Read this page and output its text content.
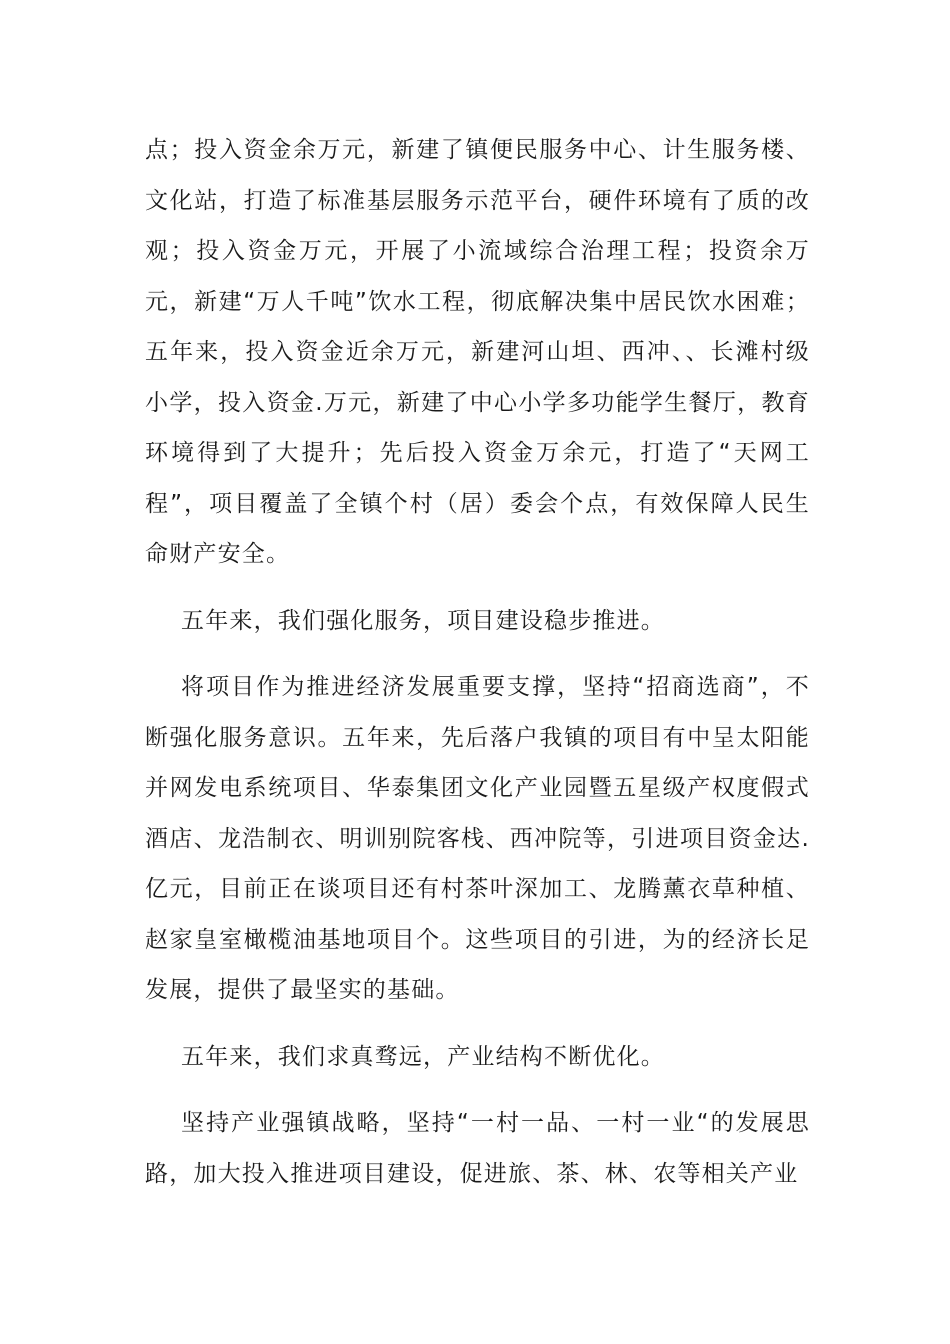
点；投入资金余万元，新建了镇便民服务中心、计生服务楼、文化站，打造了标准基层服务示范平台，硬件环境有了质的改观；投入资金万元，开展了小流域综合治理工程；投资余万元，新建“万人千吨”饮水工程，彻底解决集中居民饮水困难；五年来，投入资金近余万元，新建河山坦、西冲、、长滩村级小学，投入资金.万元，新建了中心小学多功能学生餐厅，教育环境得到了大提升；先后投入资金万余元，打造了“天网工程”，项目覆盖了全镇个村（居）委会个点，有效保障人民生命财产安全。

五年来，我们强化服务，项目建设稳步推进。

将项目作为推进经济发展重要支撑，坚持“招商选商”，不断强化服务意识。五年来，先后落户我镇的项目有中呈太阳能并网发电系统项目、华泰集团文化产业园暨五星级产权度假式酒店、龙浩制衣、明训别院客栈、西冲院等，引进项目资金达.亿元，目前正在谈项目还有村茶叶深加工、龙腾薰衣草种植、赵家皇室橄榄油基地项目个。这些项目的引进，为的经济长足发展，提供了最坚实的基础。

五年来，我们求真骛远，产业结构不断优化。

坚持产业强镇战略，坚持“一村一品、一村一业“的发展思路，加大投入推进项目建设，促进旅、茶、林、农等相关产业
